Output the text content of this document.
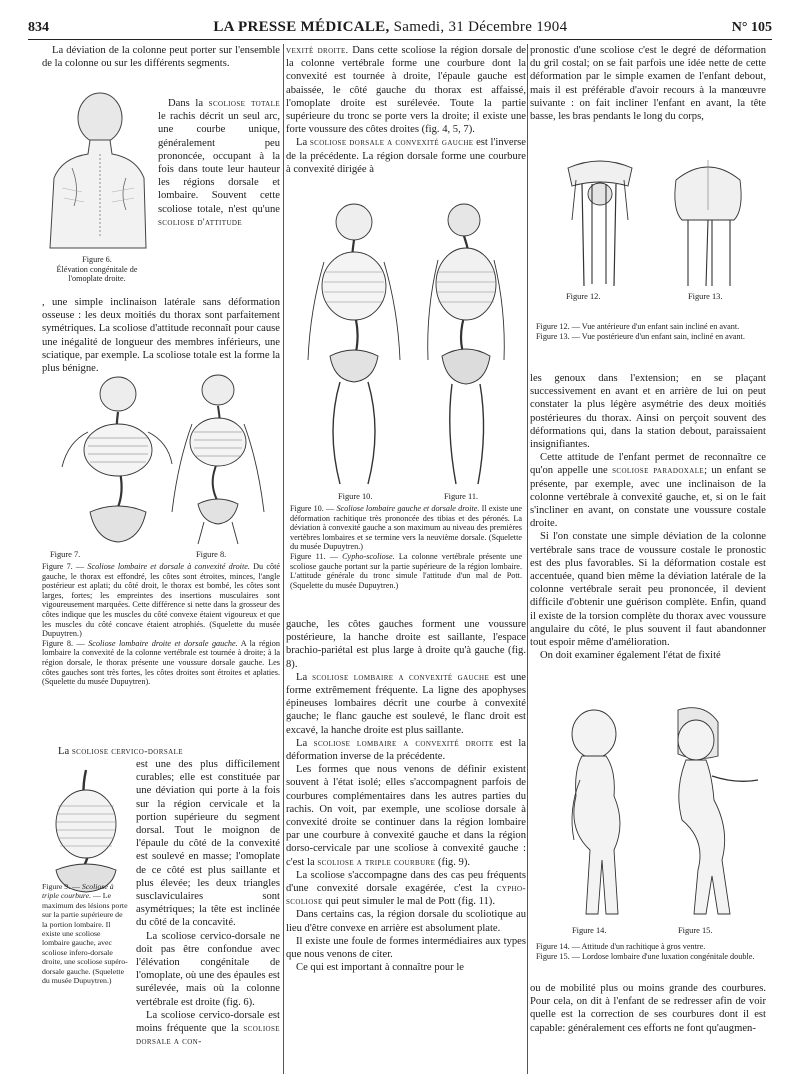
834	LA PRESSE MÉDICALE, Samedi, 31 Décembre 1904	N° 105

La déviation de la colonne peut porter sur l'ensemble de la colonne ou sur les différents segments.

Figure 6.
Élévation congénitale de l'omoplate droite.

Dans la scoliose totale le rachis décrit un seul arc, une courbe unique, généralement peu prononcée, occupant à la fois dans toute leur hauteur les régions dorsale et lombaire. Souvent cette scoliose totale, n'est qu'une scoliose d'attitude

, une simple inclinaison latérale sans déformation osseuse : les deux moitiés du thorax sont parfaitement symétriques. La scoliose d'attitude reconnaît pour cause une inégalité de longueur des membres inférieurs, une sciatique, par exemple. La scoliose totale est la forme la plus bénigne.

Figure 7.	Figure 8.
Figure 7. — Scoliose lombaire et dorsale à convexité droite. Du côté gauche, le thorax est effondré, les côtes sont étroites, minces, l'angle postérieur est aplati; du côté droit, le thorax est bombé, les côtes sont larges, fortes; les empreintes des insertions musculaires sont vigoureusement marquées. Cette différence si nette dans la grosseur des côtes indique que les muscles du côté convexe étaient vigoureux et que les muscles du côté concave étaient atrophiés. (Squelette du musée Dupuytren.)
Figure 8. — Scoliose lombaire droite et dorsale gauche. A la région lombaire la convexité de la colonne vertébrale est tournée à droite; à la région dorsale, le thorax présente une voussure dorsale gauche. Les côtes gauches sont très fortes, les côtes droites sont étroites et aplaties. (Squelette du musée Dupuytren).
Figure 9. — Scoliose à triple courbure. — Le maximum des lésions porte sur la partie supérieure de la portion lombaire. Il existe une scoliose lombaire gauche, avec scoliose infero-dorsale droite, une scoliose supéro-dorsale gauche. (Squelette du musée Dupuytren.)

La scoliose cervico-dorsale

est une des plus difficilement curables; elle est constituée par une déviation qui porte à la fois sur la région cervicale et la portion supérieure du segment dorsal. Tout le moignon de l'épaule du côté de la convexité est soulevé en masse; l'omoplate de ce côté est plus saillante et plus élevée; les deux triangles susclaviculaires sont asymétriques; la tête est inclinée du côté de la concavité.

La scoliose cervico-dorsale ne doit pas être confondue avec l'élévation congénitale de l'omoplate, où une des épaules est surélevée, mais où la colonne vertébrale est droite (fig. 6).

La scoliose cervico-dorsale est moins fréquente que la scoliose dorsale a con-

vexité droite. Dans cette scoliose la région dorsale de la colonne vertébrale forme une courbure dont la convexité est tournée à droite, l'épaule gauche est abaissée, le côté gauche du thorax est affaissé, l'omoplate droite est surélevée. Toute la partie supérieure du tronc se porte vers la droite; il existe une forte voussure des côtes droites (fig. 4, 5, 7).

La scoliose dorsale a convexité gauche est l'inverse de la précédente. La région dorsale forme une courbure à convexité dirigée à

Figure 10.	Figure 11.
Figure 10. — Scoliose lombaire gauche et dorsale droite. Il existe une déformation rachitique très prononcée des tibias et des péronés. La déviation à convexité gauche a son maximum au niveau des premières vertèbres lombaires et se termine vers la neuvième dorsale. (Squelette du musée Dupuytren.)
Figure 11. — Cypho-scoliose. La colonne vertébrale présente une scoliose gauche portant sur la partie supérieure de la région lombaire. L'attitude générale du tronc simule l'attitude d'un mal de Pott. (Squelette du musée Dupuytren.)

gauche, les côtes gauches forment une voussure postérieure, la hanche droite est saillante, l'espace brachio-pariétal est plus large à droite qu'à gauche (fig. 8).

La scoliose lombaire a convexité gauche est une forme extrêmement fréquente. La ligne des apophyses épineuses lombaires décrit une courbe à convexité gauche; le flanc gauche est soulevé, le flanc droit est excavé, la hanche droite est plus saillante.

La scoliose lombaire a convexité droite est la déformation inverse de la précédente.

Les formes que nous venons de définir existent souvent à l'état isolé; elles s'accompagnent parfois de courbures complémentaires dans les autres parties du rachis. On voit, par exemple, une scoliose dorsale à convexité droite se continuer dans la région lombaire par une courbure à convexité gauche et dans la région dorso-cervicale par une scoliose à convexité gauche : c'est la scoliose a triple courbure (fig. 9).

La scoliose s'accompagne dans des cas peu fréquents d'une convexité dorsale exagérée, c'est la cypho-scoliose qui peut simuler le mal de Pott (fig. 11).

Dans certains cas, la région dorsale du scoliotique au lieu d'être convexe en arrière est absolument plate.

Il existe une foule de formes intermédiaires aux types que nous venons de citer.

Ce qui est important à connaître pour le

pronostic d'une scoliose c'est le degré de déformation du gril costal; on se fait parfois une idée nette de cette déformation par le simple examen de l'enfant debout, mais il est préférable d'avoir recours à la manœuvre suivante : on fait incliner l'enfant en avant, la tête basse, les bras pendants le long du corps,

Figure 12.	Figure 13.
Figure 12. — Vue antérieure d'un enfant sain incliné en avant.
Figure 13. — Vue postérieure d'un enfant sain, incliné en avant.

les genoux dans l'extension; en se plaçant successivement en avant et en arrière de lui on peut constater la plus légère asymétrie des deux moitiés postérieures du thorax. Ainsi on perçoit souvent des déformations qui, dans la station debout, paraissaient insignifiantes.

Cette attitude de l'enfant permet de reconnaître ce qu'on appelle une scoliose paradoxale; un enfant se présente, par exemple, avec une inclinaison de la colonne vertébrale à convexité gauche, et, si on le fait s'incliner en avant, on constate une voussure costale droite.

Si l'on constate une simple déviation de la colonne vertébrale sans trace de voussure costale le pronostic est des plus favorables. Si la déformation costale est accentuée, quand bien même la déviation latérale de la colonne vertébrale serait peu prononcée, il devient difficile d'obtenir une guérison complète. Enfin, quand il existe de la torsion complète du thorax avec voussure angulaire du côté, le plus souvent il faut abandonner tout espoir même d'amélioration.

On doit examiner également l'état de fixité

Figure 14.	Figure 15.
Figure 14. — Attitude d'un rachitique à gros ventre.
Figure 15. — Lordose lombaire d'une luxation congénitale double.

ou de mobilité plus ou moins grande des courbures. Pour cela, on dit à l'enfant de se redresser afin de voir quelle est la correction de ses courbures dont il est capable: généralement ces efforts ne font qu'augmen-
